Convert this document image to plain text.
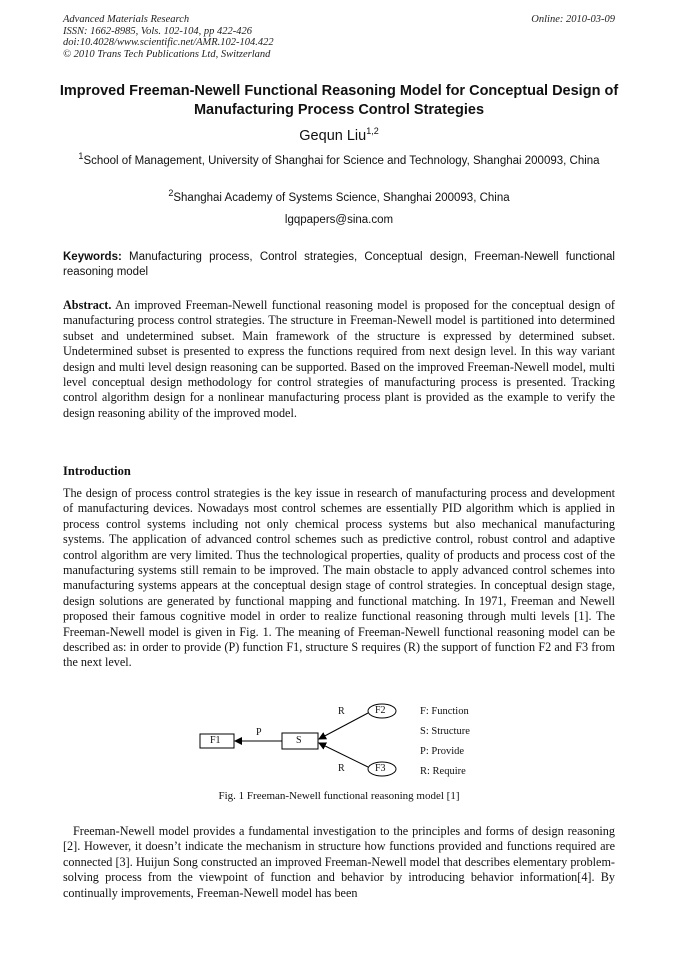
Advanced Materials Research
ISSN: 1662-8985, Vols. 102-104, pp 422-426
doi:10.4028/www.scientific.net/AMR.102-104.422
© 2010 Trans Tech Publications Ltd, Switzerland
Online: 2010-03-09
Improved Freeman-Newell Functional Reasoning Model for Conceptual Design of Manufacturing Process Control Strategies
Gequn Liu$^{1,2}$
$^1$School of Management, University of Shanghai for Science and Technology, Shanghai 200093, China
$^2$Shanghai Academy of Systems Science, Shanghai 200093, China
lgqpapers@sina.com
Keywords: Manufacturing process, Control strategies, Conceptual design, Freeman-Newell functional reasoning model
Abstract. An improved Freeman-Newell functional reasoning model is proposed for the conceptual design of manufacturing process control strategies. The structure in Freeman-Newell model is partitioned into determined subset and undetermined subset. Main framework of the structure is expressed by determined subset. Undetermined subset is presented to express the functions required from next design level. In this way variant design and multi level design reasoning can be supported. Based on the improved Freeman-Newell model, multi level conceptual design methodology for control strategies of manufacturing process is presented. Tracking control algorithm design for a nonlinear manufacturing process plant is provided as the example to verify the design reasoning ability of the improved model.
Introduction
The design of process control strategies is the key issue in research of manufacturing process and development of manufacturing devices. Nowadays most control schemes are essentially PID algorithm which is applied in process control systems including not only chemical process systems but also mechanical manufacturing systems. The application of advanced control schemes such as predictive control, robust control and adaptive control algorithm are very limited. Thus the technological properties, quality of products and process cost of the manufacturing systems still remain to be improved. The main obstacle to apply advanced control schemes into manufacturing systems appears at the conceptual design stage of control strategies. In conceptual design stage, design solutions are generated by functional mapping and functional matching. In 1971, Freeman and Newell proposed their famous cognitive model in order to realize functional reasoning through multi levels [1]. The Freeman-Newell model is given in Fig. 1. The meaning of Freeman-Newell functional reasoning model can be described as: in order to provide (P) function F1, structure S requires (R) the support of function F2 and F3 from the next level.
F1	S
F2
F3
P
R
R
F: Function
S: Structure
P: Provide
R: Require
Fig. 1 Freeman-Newell functional reasoning model [1]
Freeman-Newell model provides a fundamental investigation to the principles and forms of design reasoning [2]. However, it doesn’t indicate the mechanism in structure how functions provided and functions required are connected [3]. Huijun Song constructed an improved Freeman-Newell model that describes elementary problem-solving process from the viewpoint of function and behavior by introducing behavior information[4]. By continually improvements, Freeman-Newell model has been
